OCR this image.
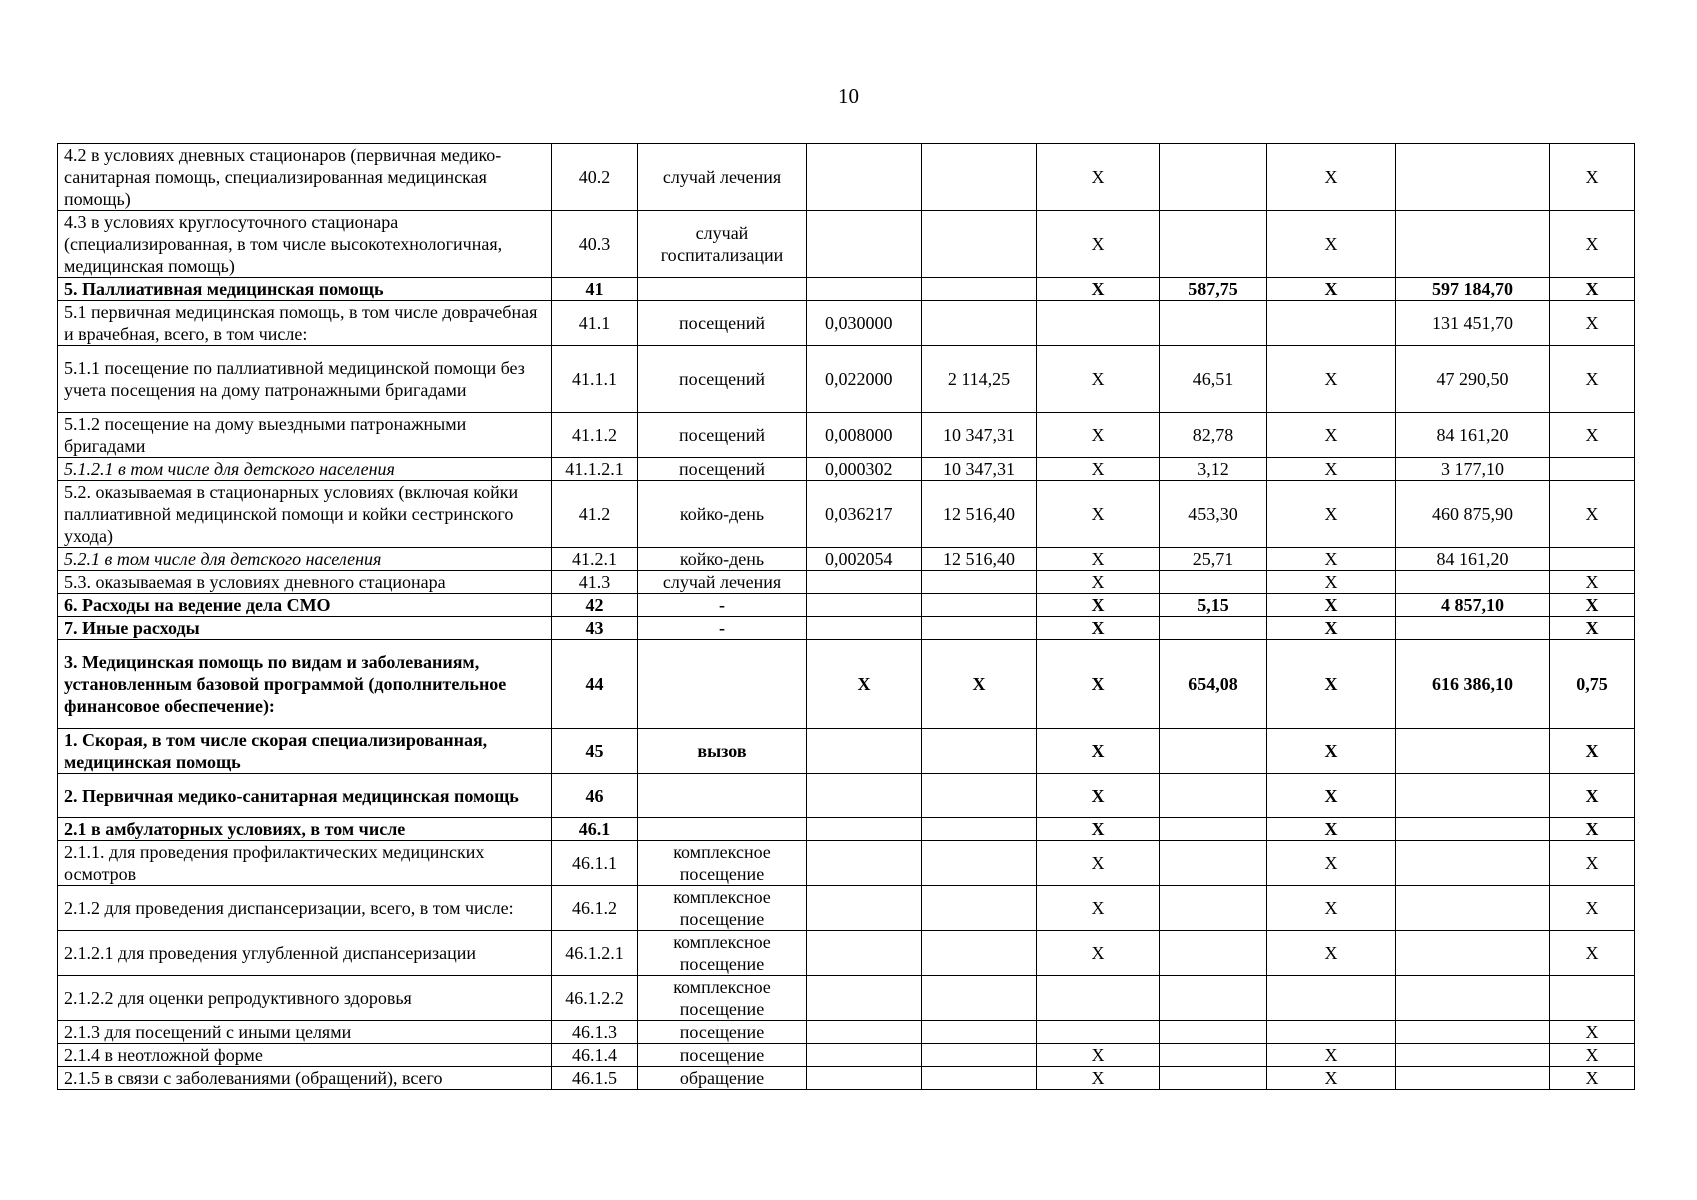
10
4.2 в условиях дневных стационаров (первичная медико-санитарная помощь, специализированная медицинская помощь)	40.2	случай лечения			X		X		X
4.3 в условиях круглосуточного стационара (специализированная, в том числе высокотехнологичная, медицинская помощь)	40.3	случай госпитализации			X		X		X
5. Паллиативная медицинская помощь	41				X	587,75	X	597 184,70	X
5.1 первичная медицинская помощь, в том числе доврачебная и врачебная, всего, в том числе:	41.1	посещений	0,030000					131 451,70	X
5.1.1 посещение по паллиативной медицинской помощи без учета посещения на дому патронажными бригадами	41.1.1	посещений	0,022000	2 114,25	X	46,51	X	47 290,50	X
5.1.2 посещение на дому выездными патронажными бригадами	41.1.2	посещений	0,008000	10 347,31	X	82,78	X	84 161,20	X
5.1.2.1 в том числе для детского населения	41.1.2.1	посещений	0,000302	10 347,31	X	3,12	X	3 177,10	
5.2. оказываемая в стационарных условиях (включая койки паллиативной медицинской помощи и койки сестринского ухода)	41.2	койко-день	0,036217	12 516,40	X	453,30	X	460 875,90	X
5.2.1 в том числе для детского населения	41.2.1	койко-день	0,002054	12 516,40	X	25,71	X	84 161,20	
5.3. оказываемая в условиях дневного стационара	41.3	случай лечения			X		X		X
6. Расходы на ведение дела СМО	42	-			X	5,15	X	4 857,10	X
7. Иные расходы	43	-			X		X		X
3. Медицинская помощь по видам и заболеваниям, установленным базовой программой (дополнительное финансовое обеспечение):	44		X	X	X	654,08	X	616 386,10	0,75
1. Скорая, в том числе скорая специализированная, медицинская помощь	45	вызов			X		X		X
2. Первичная медико-санитарная медицинская помощь	46				X		X		X
2.1 в амбулаторных условиях, в том числе	46.1				X		X		X
2.1.1. для проведения профилактических медицинских осмотров	46.1.1	комплексное посещение			X		X		X
2.1.2 для проведения диспансеризации, всего, в том числе:	46.1.2	комплексное посещение			X		X		X
2.1.2.1 для проведения углубленной диспансеризации	46.1.2.1	комплексное посещение			X		X		X
2.1.2.2 для оценки репродуктивного здоровья	46.1.2.2	комплексное посещение							
2.1.3 для посещений с иными целями	46.1.3	посещение							X
2.1.4 в неотложной форме	46.1.4	посещение			X		X		X
2.1.5 в связи с заболеваниями (обращений), всего	46.1.5	обращение			X		X		X
